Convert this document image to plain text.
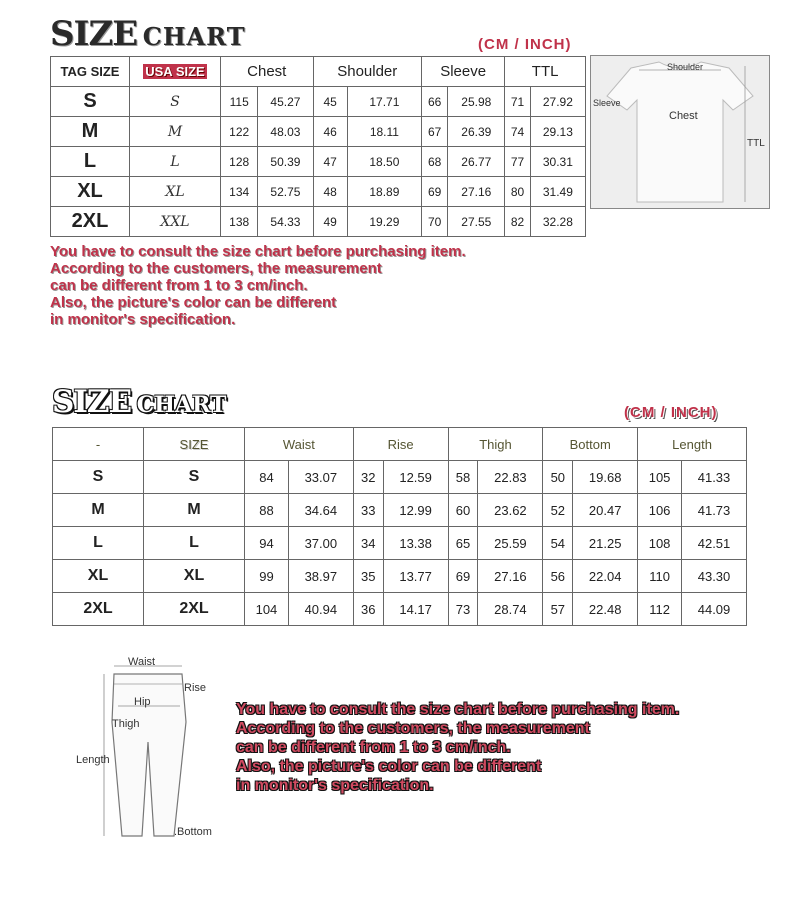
SIZE CHART	(CM / INCH)
TAG SIZE	USA SIZE	Chest		Shoulder		Sleeve		TTL	
S	S	115	45.27	45	17.71	66	25.98	71	27.92
M	M	122	48.03	46	18.11	67	26.39	74	29.13
L	L	128	50.39	47	18.50	68	26.77	77	30.31
XL	XL	134	52.75	48	18.89	69	27.16	80	31.49
2XL	XXL	138	54.33	49	19.29	70	27.55	82	32.28
You have to consult the size chart before purchasing item.
According to the customers, the measurement
can be different from 1 to 3 cm/inch.
Also, the picture's color can be different
in monitor's specification.
Shoulder
Sleeve
Chest
TTL
SIZE CHART	(CM / INCH)
-	SIZE	Waist		Rise		Thigh		Bottom		Length	
S	S	84	33.07	32	12.59	58	22.83	50	19.68	105	41.33
M	M	88	34.64	33	12.99	60	23.62	52	20.47	106	41.73
L	L	94	37.00	34	13.38	65	25.59	54	21.25	108	42.51
XL	XL	99	38.97	35	13.77	69	27.16	56	22.04	110	43.30
2XL	2XL	104	40.94	36	14.17	73	28.74	57	22.48	112	44.09
Waist
Rise
Hip
Thigh
Length
.Bottom
You have to consult the size chart before purchasing item.
According to the customers, the measurement
can be different from 1 to 3 cm/inch.
Also, the picture's color can be different
in monitor's specification.
